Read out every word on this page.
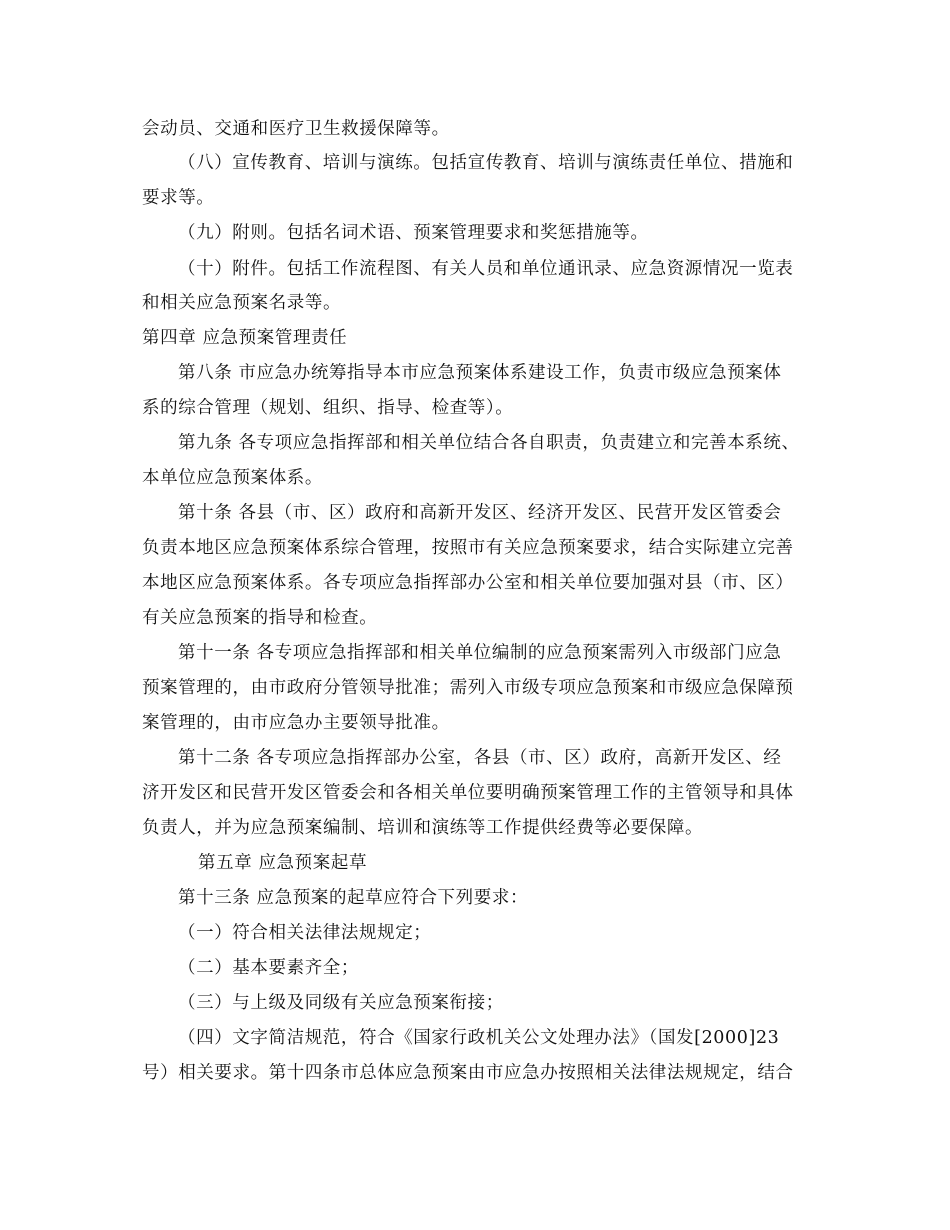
会动员、交通和医疗卫生救援保障等。
（八）宣传教育、培训与演练。包括宣传教育、培训与演练责任单位、措施和
要求等。
（九）附则。包括名词术语、预案管理要求和奖惩措施等。
（十）附件。包括工作流程图、有关人员和单位通讯录、应急资源情况一览表
和相关应急预案名录等。
第四章 应急预案管理责任
第八条 市应急办统筹指导本市应急预案体系建设工作，负责市级应急预案体
系的综合管理（规划、组织、指导、检查等）。
第九条 各专项应急指挥部和相关单位结合各自职责，负责建立和完善本系统、
本单位应急预案体系。
第十条 各县（市、区）政府和高新开发区、经济开发区、民营开发区管委会
负责本地区应急预案体系综合管理，按照市有关应急预案要求，结合实际建立完善
本地区应急预案体系。各专项应急指挥部办公室和相关单位要加强对县（市、区）
有关应急预案的指导和检查。
第十一条 各专项应急指挥部和相关单位编制的应急预案需列入市级部门应急
预案管理的，由市政府分管领导批准；需列入市级专项应急预案和市级应急保障预
案管理的，由市应急办主要领导批准。
第十二条 各专项应急指挥部办公室，各县（市、区）政府，高新开发区、经
济开发区和民营开发区管委会和各相关单位要明确预案管理工作的主管领导和具体
负责人，并为应急预案编制、培训和演练等工作提供经费等必要保障。
第五章 应急预案起草
第十三条 应急预案的起草应符合下列要求：
（一）符合相关法律法规规定；
（二）基本要素齐全；
（三）与上级及同级有关应急预案衔接；
（四）文字简洁规范，符合《国家行政机关公文处理办法》（国发[2000]23
号）相关要求。第十四条市总体应急预案由市应急办按照相关法律法规规定，结合
